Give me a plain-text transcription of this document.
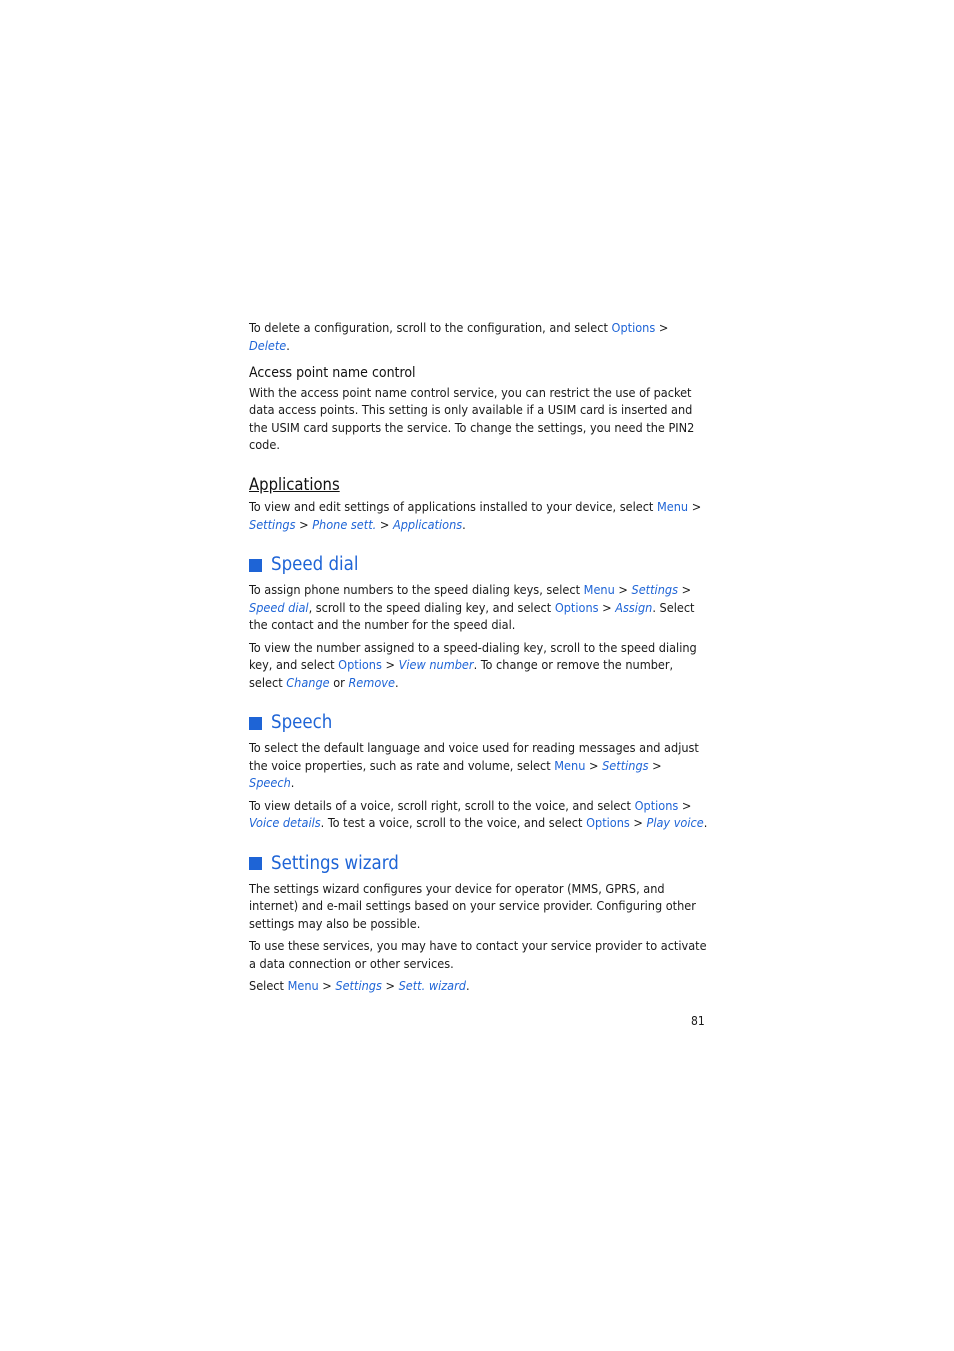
To delete a configuration, scroll to the configuration, and select Options > Delete.

Access point name control

With the access point name control service, you can restrict the use of packet data access points. This setting is only available if a USIM card is inserted and the USIM card supports the service. To change the settings, you need the PIN2 code.

Applications

To view and edit settings of applications installed to your device, select Menu > Settings > Phone sett. > Applications.

Speed dial

To assign phone numbers to the speed dialing keys, select Menu > Settings > Speed dial, scroll to the speed dialing key, and select Options > Assign. Select the contact and the number for the speed dial.

To view the number assigned to a speed-dialing key, scroll to the speed dialing key, and select Options > View number. To change or remove the number, select Change or Remove.

Speech

To select the default language and voice used for reading messages and adjust the voice properties, such as rate and volume, select Menu > Settings > Speech.

To view details of a voice, scroll right, scroll to the voice, and select Options > Voice details. To test a voice, scroll to the voice, and select Options > Play voice.

Settings wizard

The settings wizard configures your device for operator (MMS, GPRS, and internet) and e-mail settings based on your service provider. Configuring other settings may also be possible.

To use these services, you may have to contact your service provider to activate a data connection or other services.

Select Menu > Settings > Sett. wizard.

81
